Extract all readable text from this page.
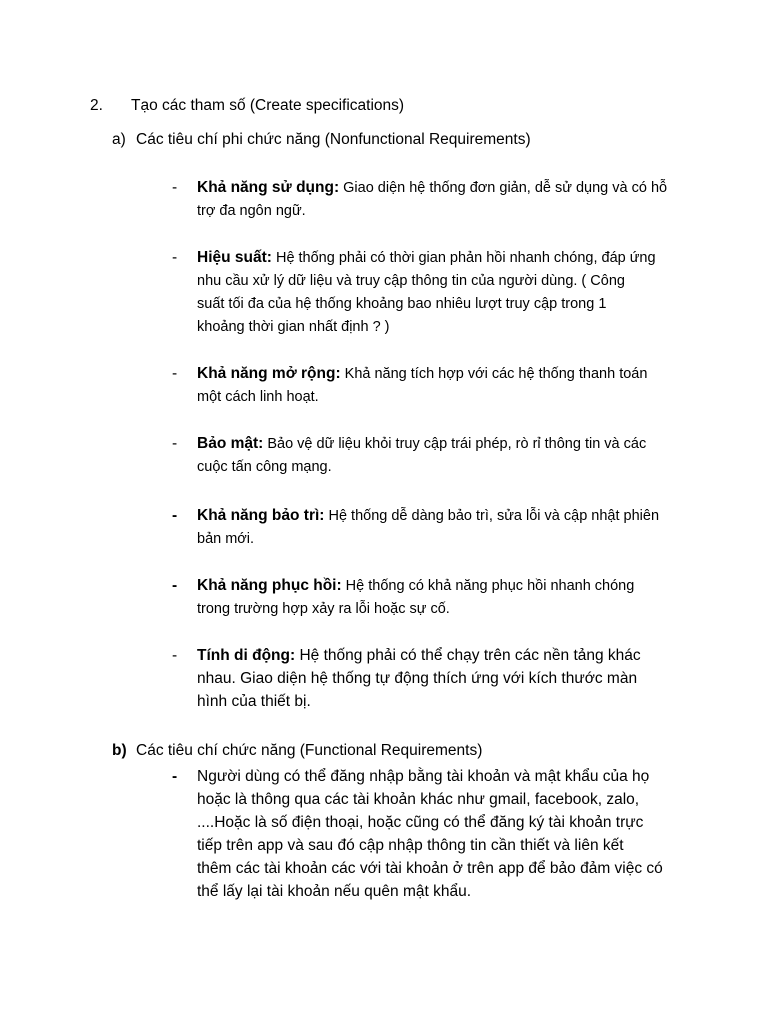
2. Tạo các tham số (Create specifications)
a) Các tiêu chí phi chức năng (Nonfunctional Requirements)
- Khả năng sử dụng: Giao diện hệ thống đơn giản, dễ sử dụng và có hỗ
trợ đa ngôn ngữ.
- Hiệu suất: Hệ thống phải có thời gian phản hồi nhanh chóng, đáp ứng
nhu cầu xử lý dữ liệu và truy cập thông tin của người dùng. ( Công
suất tối đa của hệ thống khoảng bao nhiêu lượt truy cập trong 1
khoảng thời gian nhất định ? )
- Khả năng mở rộng: Khả năng tích hợp với các hệ thống thanh toán
một cách linh hoạt.
- Bảo mật: Bảo vệ dữ liệu khỏi truy cập trái phép, rò rỉ thông tin và các
cuộc tấn công mạng.
- Khả năng bảo trì: Hệ thống dễ dàng bảo trì, sửa lỗi và cập nhật phiên
bản mới.
- Khả năng phục hồi: Hệ thống có khả năng phục hồi nhanh chóng
trong trường hợp xảy ra lỗi hoặc sự cố.
- Tính di động: Hệ thống phải có thể chạy trên các nền tảng khác
nhau. Giao diện hệ thống tự động thích ứng với kích thước màn
hình của thiết bị.
b) Các tiêu chí chức năng (Functional Requirements)
- Người dùng có thể đăng nhập bằng tài khoản và mật khẩu của họ
hoặc là thông qua các tài khoản khác như gmail, facebook, zalo,
....Hoặc là số điện thoại, hoặc cũng có thể đăng ký tài khoản trực
tiếp trên app và sau đó cập nhập thông tin cần thiết và liên kết
thêm các tài khoản các với tài khoản ở trên app để bảo đảm việc có
thể lấy lại tài khoản nếu quên mật khẩu.
